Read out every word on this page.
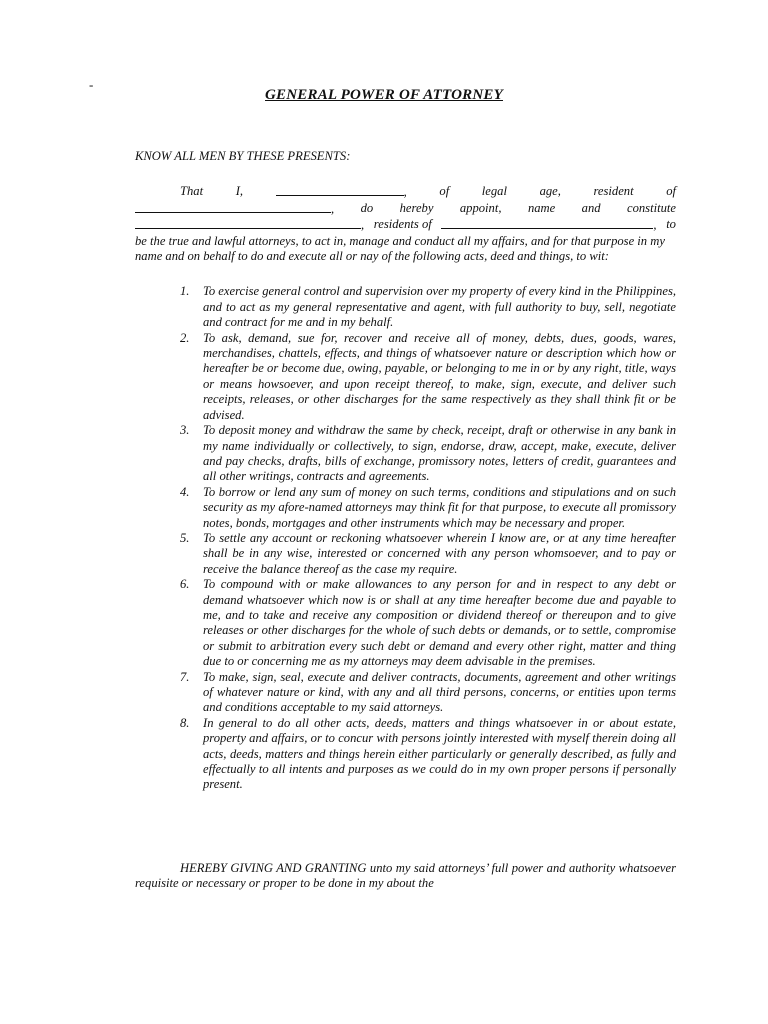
-
GENERAL POWER OF ATTORNEY

KNOW ALL MEN BY THESE PRESENTS:

That	I,	,	of	legal	age,	resident	of
, do hereby appoint, name and constitute
, residents of	, to

be the true and lawful attorneys, to act in, manage and conduct all my affairs, and for that purpose in my name and on behalf to do and execute all or nay of the following acts, deed and things, to wit:

1. To exercise general control and supervision over my property of every kind in the Philippines, and to act as my general representative and agent, with full authority to buy, sell, negotiate and contract for me and in my behalf.
2. To ask, demand, sue for, recover and receive all of money, debts, dues, goods, wares, merchandises, chattels, effects, and things of whatsoever nature or description which how or hereafter be or become due, owing, payable, or belonging to me in or by any right, title, ways or means howsoever, and upon receipt thereof, to make, sign, execute, and deliver such receipts, releases, or other discharges for the same respectively as they shall think fit or be advised.
3. To deposit money and withdraw the same by check, receipt, draft or otherwise in any bank in my name individually or collectively, to sign, endorse, draw, accept, make, execute, deliver and pay checks, drafts, bills of exchange, promissory notes, letters of credit, guarantees and all other writings, contracts and agreements.
4. To borrow or lend any sum of money on such terms, conditions and stipulations and on such security as my afore-named attorneys may think fit for that purpose, to execute all promissory notes, bonds, mortgages and other instruments which may be necessary and proper.
5. To settle any account or reckoning whatsoever wherein I know are, or at any time hereafter shall be in any wise, interested or concerned with any person whomsoever, and to pay or receive the balance thereof as the case my require.
6. To compound with or make allowances to any person for and in respect to any debt or demand whatsoever which now is or shall at any time hereafter become due and payable to me, and to take and receive any composition or dividend thereof or thereupon and to give releases or other discharges for the whole of such debts or demands, or to settle, compromise or submit to arbitration every such debt or demand and every other right, matter and thing due to or concerning me as my attorneys may deem advisable in the premises.
7. To make, sign, seal, execute and deliver contracts, documents, agreement and other writings of whatever nature or kind, with any and all third persons, concerns, or entities upon terms and conditions acceptable to my said attorneys.
8. In general to do all other acts, deeds, matters and things whatsoever in or about estate, property and affairs, or to concur with persons jointly interested with myself therein doing all acts, deeds, matters and things herein either particularly or generally described, as fully and effectually to all intents and purposes as we could do in my own proper persons if personally present.

HEREBY GIVING AND GRANTING unto my said attorneys’ full power and authority whatsoever requisite or necessary or proper to be done in my about the
